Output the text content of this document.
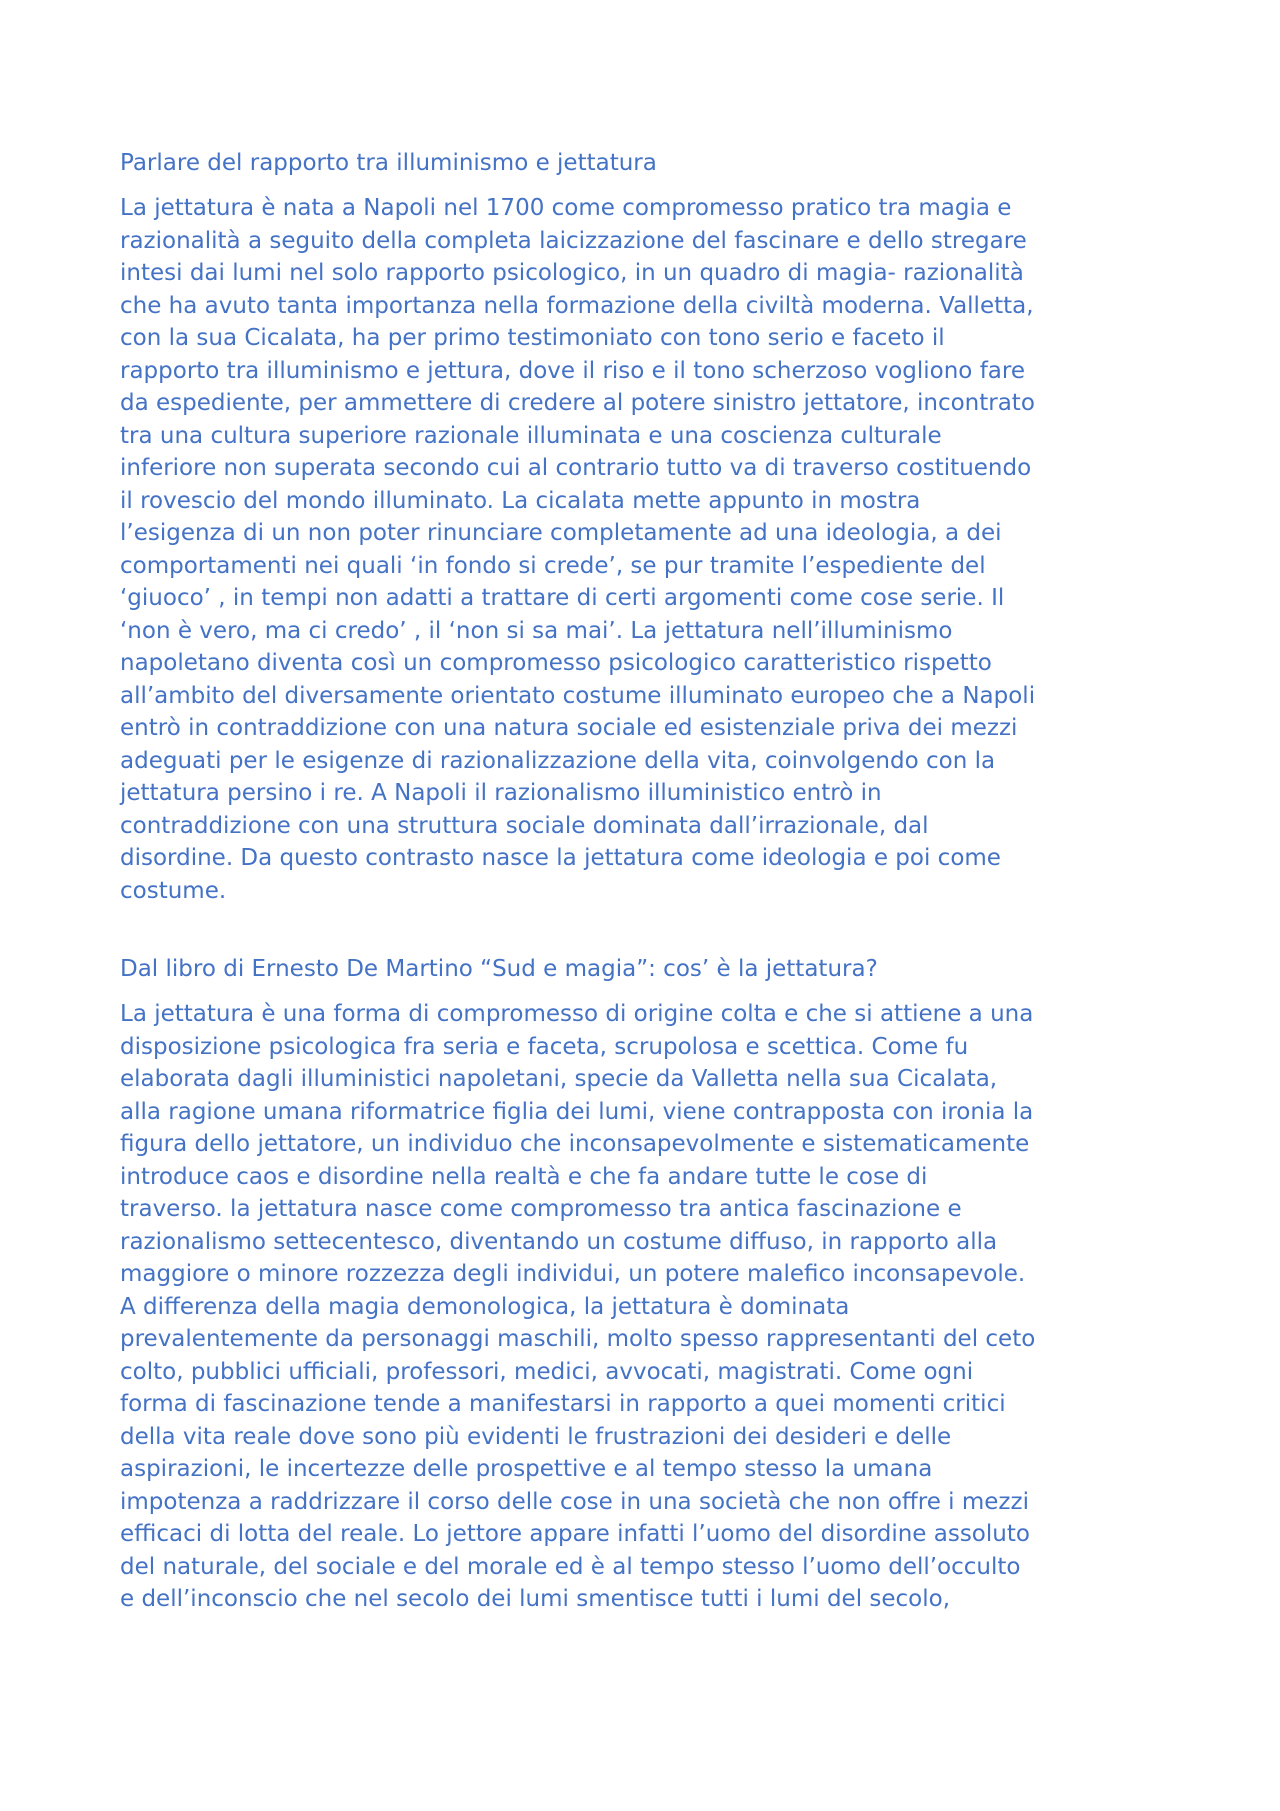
Parlare del rapporto tra illuminismo e jettatura
La jettatura è nata a Napoli nel 1700 come compromesso pratico tra magia e
razionalità a seguito della completa laicizzazione del fascinare e dello stregare
intesi dai lumi nel solo rapporto psicologico, in un quadro di magia- razionalità
che ha avuto tanta importanza nella formazione della civiltà moderna. Valletta,
con la sua Cicalata, ha per primo testimoniato con tono serio e faceto il
rapporto tra illuminismo e jettura, dove il riso e il tono scherzoso vogliono fare
da espediente, per ammettere di credere al potere sinistro jettatore, incontrato
tra una cultura superiore razionale illuminata e una coscienza culturale
inferiore non superata secondo cui al contrario tutto va di traverso costituendo
il rovescio del mondo illuminato. La cicalata mette appunto in mostra
l’esigenza di un non poter rinunciare completamente ad una ideologia, a dei
comportamenti nei quali ‘in fondo si crede’, se pur tramite l’espediente del
‘giuoco’ , in tempi non adatti a trattare di certi argomenti come cose serie. Il
‘non è vero, ma ci credo’ , il ‘non si sa mai’. La jettatura nell’illuminismo
napoletano diventa così un compromesso psicologico caratteristico rispetto
all’ambito del diversamente orientato costume illuminato europeo che a Napoli
entrò in contraddizione con una natura sociale ed esistenziale priva dei mezzi
adeguati per le esigenze di razionalizzazione della vita, coinvolgendo con la
jettatura persino i re. A Napoli il razionalismo illuministico entrò in
contraddizione con una struttura sociale dominata dall’irrazionale, dal
disordine. Da questo contrasto nasce la jettatura come ideologia e poi come
costume.
Dal libro di Ernesto De Martino “Sud e magia”: cos’ è la jettatura?
La jettatura è una forma di compromesso di origine colta e che si attiene a una
disposizione psicologica fra seria e faceta, scrupolosa e scettica. Come fu
elaborata dagli illuministici napoletani, specie da Valletta nella sua Cicalata,
alla ragione umana riformatrice figlia dei lumi, viene contrapposta con ironia la
figura dello jettatore, un individuo che inconsapevolmente e sistematicamente
introduce caos e disordine nella realtà e che fa andare tutte le cose di
traverso. la jettatura nasce come compromesso tra antica fascinazione e
razionalismo settecentesco, diventando un costume diffuso, in rapporto alla
maggiore o minore rozzezza degli individui, un potere malefico inconsapevole.
A differenza della magia demonologica, la jettatura è dominata
prevalentemente da personaggi maschili, molto spesso rappresentanti del ceto
colto, pubblici ufficiali, professori, medici, avvocati, magistrati. Come ogni
forma di fascinazione tende a manifestarsi in rapporto a quei momenti critici
della vita reale dove sono più evidenti le frustrazioni dei desideri e delle
aspirazioni, le incertezze delle prospettive e al tempo stesso la umana
impotenza a raddrizzare il corso delle cose in una società che non offre i mezzi
efficaci di lotta del reale. Lo jettore appare infatti l’uomo del disordine assoluto
del naturale, del sociale e del morale ed è al tempo stesso l’uomo dell’occulto
e dell’inconscio che nel secolo dei lumi smentisce tutti i lumi del secolo,
